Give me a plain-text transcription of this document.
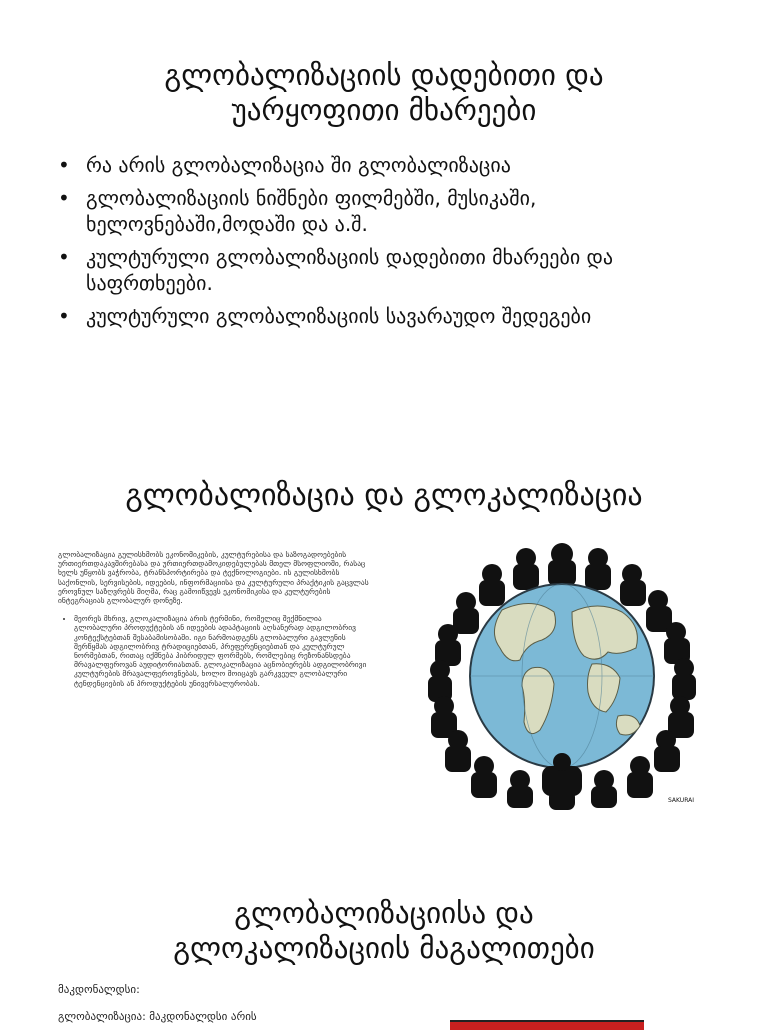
გლობალიზაციის დადებითი და
უარყოფითი მხარეები
• რა არის გლობალიზაცია ში გლობალიზაცია
• გლობალიზაციის ნიშნები ფილმებში, მუსიკაში, ხელოვნებაში,მოდაში და ა.შ.
• კულტურული გლობალიზაციის დადებითი მხარეები და საფრთხეები.
• კულტურული გლობალიზაციის სავარაუდო შედეგები
გლობალიზაცია და გლოკალიზაცია

გლობალიზაცია გულისხმობს ეკონომიკების, კულტურებისა და საზოგადოებების ურთიერთდაკავშირებასა და ურთიერთდამოკიდებულებას მთელ მსოფლიოში, რასაც ხელს უწყობს ვაჭრობა, ტრანსპორტირება და ტექნოლოგიები. ის გულისხმობს საქონლის, სერვისების, იდეების, ინფორმაციისა და კულტურული პრაქტიკის გაცვლას ეროვნულ საზღვრებს მიღმა, რაც გამოიწვევს ეკონომიკისა და კულტურების ინტეგრაციას გლობალურ დონეზე.

• მეორეს მხრივ, გლოკალიზაცია არის ტერმინი, რომელიც შექმნილია გლობალური პროდუქტების ან იდეების ადაპტაციის აღსანერად ადგილობრივ კონტექსტებთან შესაბამისობაში. იგი ნარმოადგენს გლობალური გავლენის შერწყმას ადგილობრივ ტრადიციებთან, პრეფერენციებთან და კულტურულ ნორმებთან, რითაც იქმნება ჰიბრიდულ ფორმებს, რომლებიც რეზონანსდება მრავალფეროვან აუდიტორიასთან. გლოკალიზაცია აცნობიერებს ადგილობრივი კულტურების მრავალფეროვნებას, ხოლო მოიცავს გარკვეულ გლობალური ტენდენციების ან პროდუქტების უნივერსალურობას.
SAKURAI
გლობალიზაციისა და
გლოკალიზაციის მაგალითები
მაკდონალდსი:
გლობალიზაცია: მაკდონალდსი არის
